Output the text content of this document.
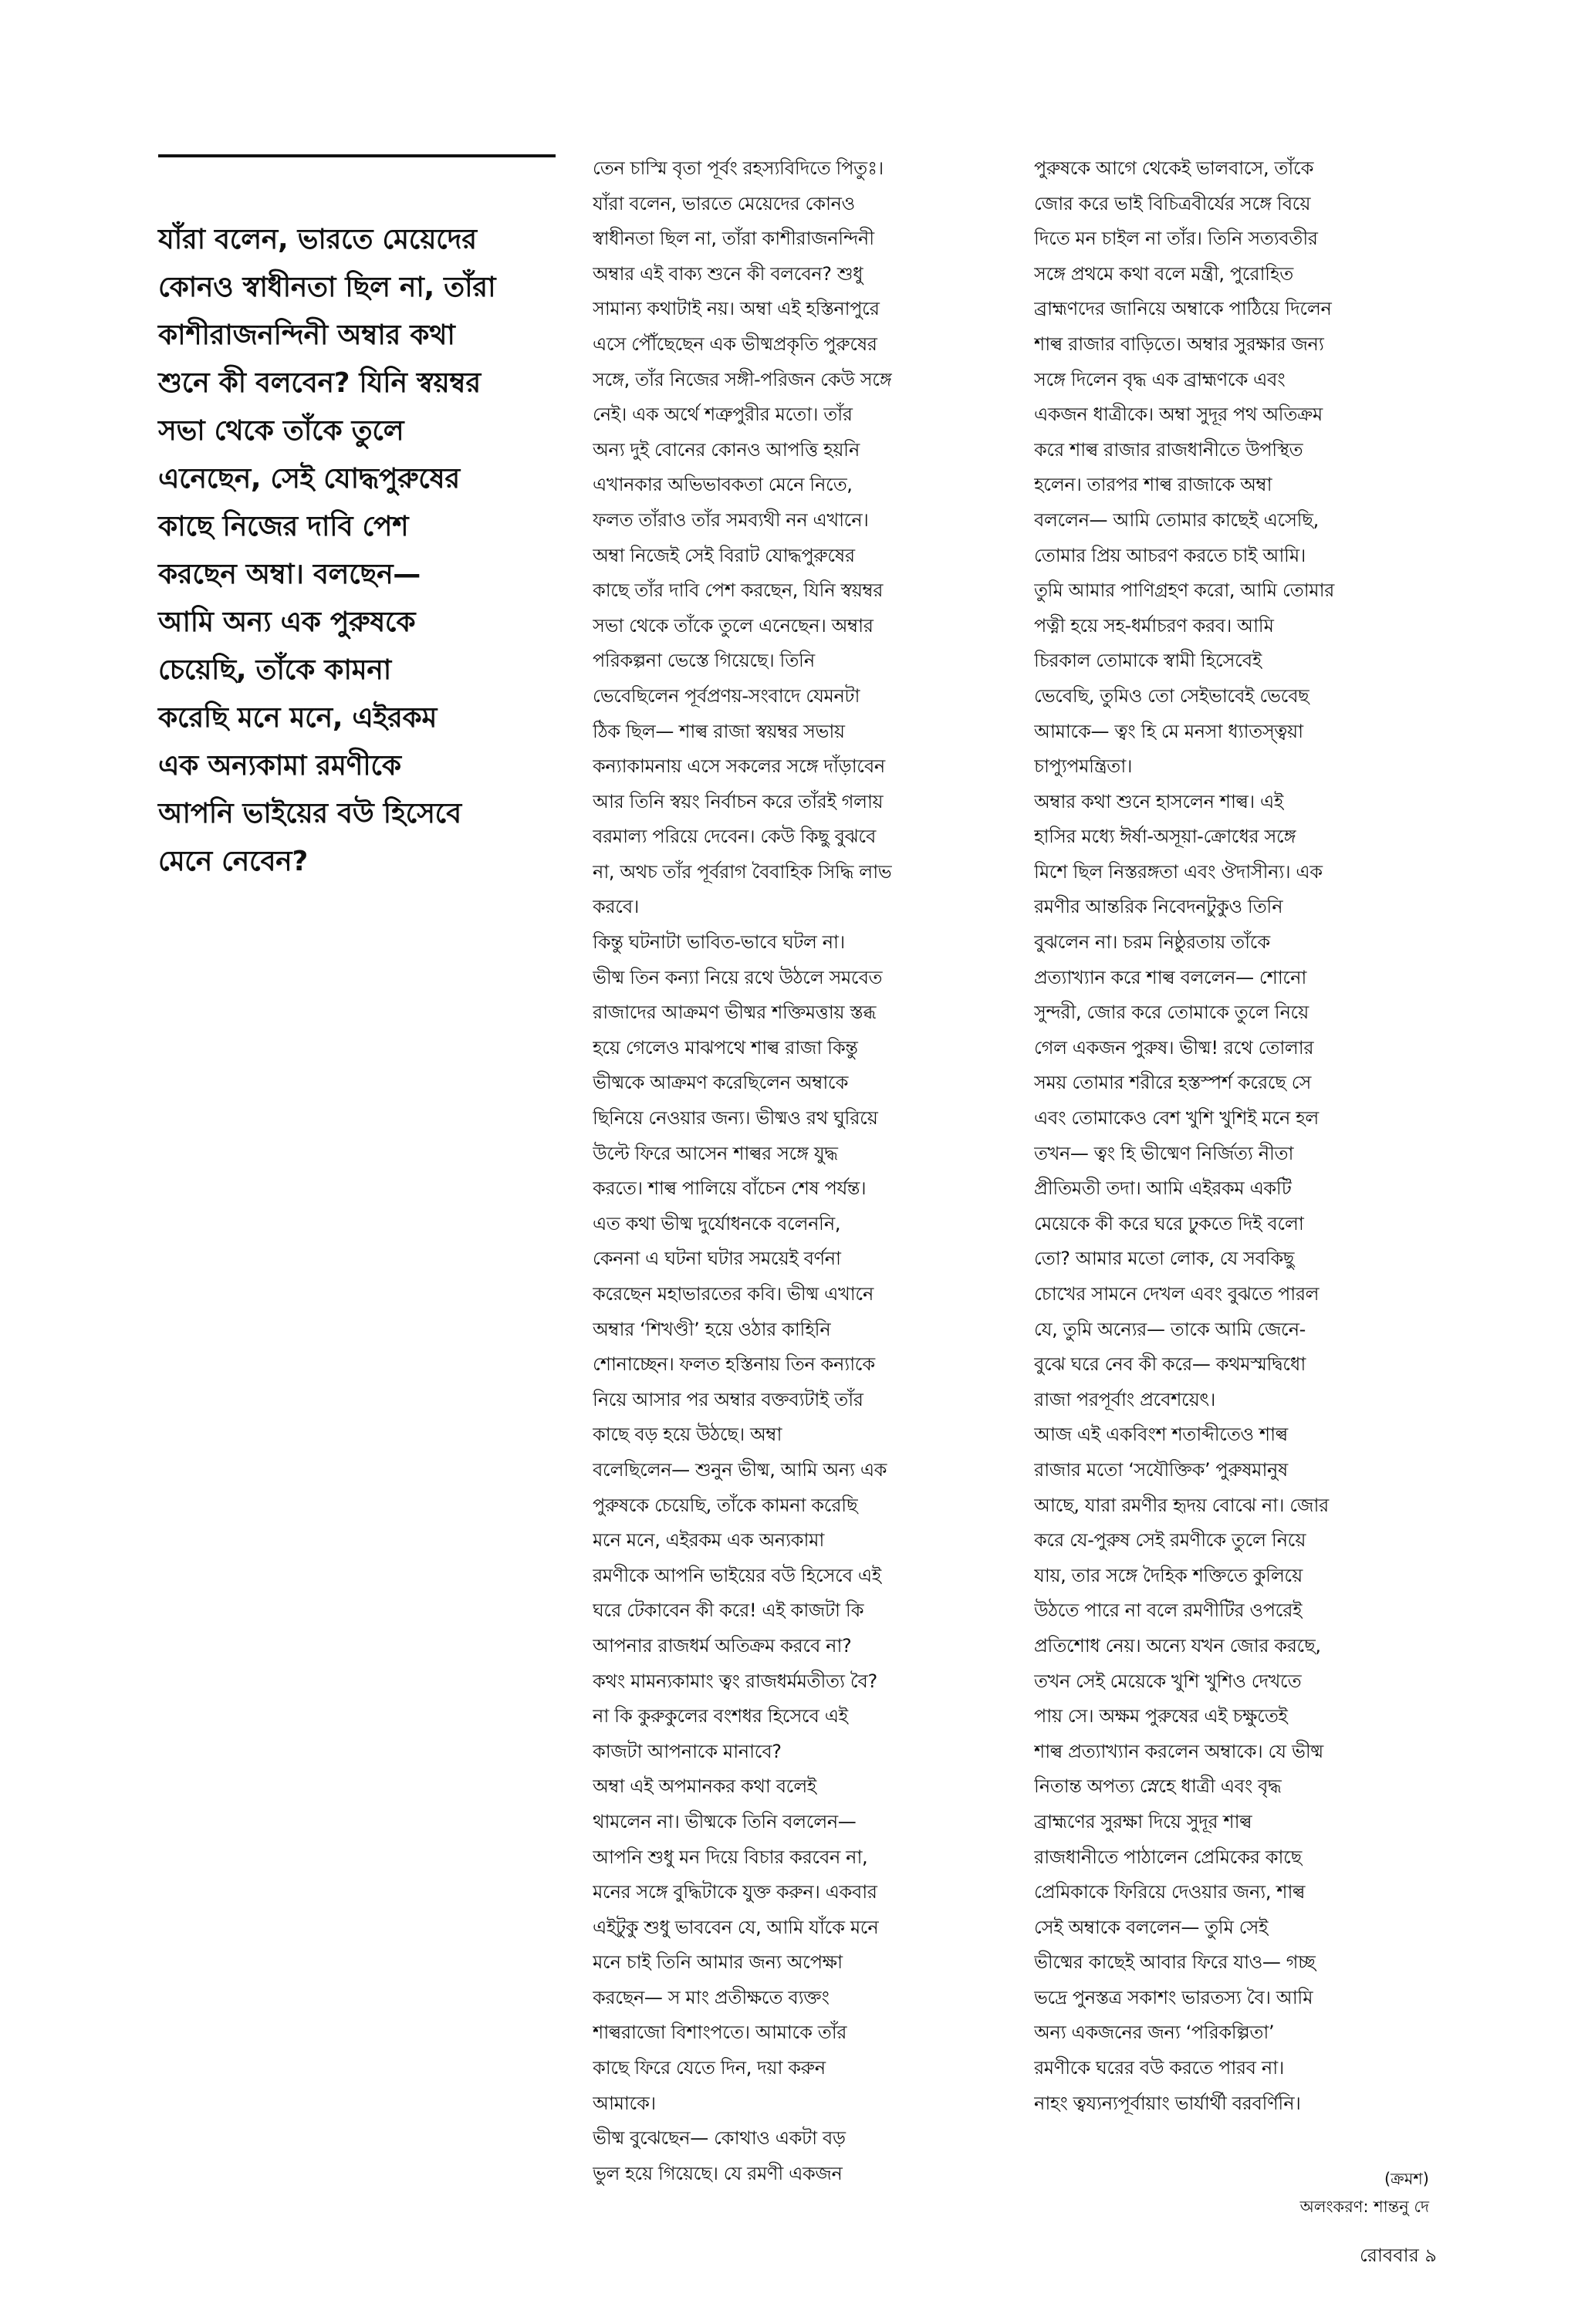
যাঁরা বলেন, ভারতে মেয়েদের
কোনও স্বাধীনতা ছিল না, তাঁরা
কাশীরাজনন্দিনী অম্বার কথা
শুনে কী বলবেন? যিনি স্বয়ম্বর
সভা থেকে তাঁকে তুলে
এনেছেন, সেই যোদ্ধপুরুষের
কাছে নিজের দাবি পেশ
করছেন অম্বা। বলছেন—
আমি অন্য এক পুরুষকে
চেয়েছি, তাঁকে কামনা
করেছি মনে মনে, এইরকম
এক অন্যকামা রমণীকে
আপনি ভাইয়ের বউ হিসেবে
মেনে নেবেন?
তেন চাস্মি বৃতা পূর্বং রহস্যবিদিতে পিতুঃ।
যাঁরা বলেন, ভারতে মেয়েদের কোনও
স্বাধীনতা ছিল না, তাঁরা কাশীরাজনন্দিনী
অম্বার এই বাক্য শুনে কী বলবেন? শুধু
সামান্য কথাটাই নয়। অম্বা এই হস্তিনাপুরে
এসে পৌঁছেছেন এক ভীষ্মপ্রকৃতি পুরুষের
সঙ্গে, তাঁর নিজের সঙ্গী-পরিজন কেউ সঙ্গে
নেই। এক অর্থে শত্রুপুরীর মতো। তাঁর
অন্য দুই বোনের কোনও আপত্তি হয়নি
এখানকার অভিভাবকতা মেনে নিতে,
ফলত তাঁরাও তাঁর সমব্যথী নন এখানে।
অম্বা নিজেই সেই বিরাট যোদ্ধপুরুষের
কাছে তাঁর দাবি পেশ করছেন, যিনি স্বয়ম্বর
সভা থেকে তাঁকে তুলে এনেছেন। অম্বার
পরিকল্পনা ভেস্তে গিয়েছে। তিনি
ভেবেছিলেন পূর্বপ্রণয়-সংবাদে যেমনটা
ঠিক ছিল— শাল্ব রাজা স্বয়ম্বর সভায়
কন্যাকামনায় এসে সকলের সঙ্গে দাঁড়াবেন
আর তিনি স্বয়ং নির্বাচন করে তাঁরই গলায়
বরমাল্য পরিয়ে দেবেন। কেউ কিছু বুঝবে
না, অথচ তাঁর পূর্বরাগ বৈবাহিক সিদ্ধি লাভ
করবে।
কিন্তু ঘটনাটা ভাবিত-ভাবে ঘটল না।
ভীষ্ম তিন কন্যা নিয়ে রথে উঠলে সমবেত
রাজাদের আক্রমণ ভীষ্মর শক্তিমত্তায় স্তব্ধ
হয়ে গেলেও মাঝপথে শাল্ব রাজা কিন্তু
ভীষ্মকে আক্রমণ করেছিলেন অম্বাকে
ছিনিয়ে নেওয়ার জন্য। ভীষ্মও রথ ঘুরিয়ে
উল্টে ফিরে আসেন শাল্বর সঙ্গে যুদ্ধ
করতে। শাল্ব পালিয়ে বাঁচেন শেষ পর্যন্ত।
এত কথা ভীষ্ম দুর্যোধনকে বলেননি,
কেননা এ ঘটনা ঘটার সময়েই বর্ণনা
করেছেন মহাভারতের কবি। ভীষ্ম এখানে
অম্বার ‘শিখণ্ডী’ হয়ে ওঠার কাহিনি
শোনাচ্ছেন। ফলত হস্তিনায় তিন কন্যাকে
নিয়ে আসার পর অম্বার বক্তব্যটাই তাঁর
কাছে বড় হয়ে উঠছে। অম্বা
বলেছিলেন— শুনুন ভীষ্ম, আমি অন্য এক
পুরুষকে চেয়েছি, তাঁকে কামনা করেছি
মনে মনে, এইরকম এক অন্যকামা
রমণীকে আপনি ভাইয়ের বউ হিসেবে এই
ঘরে টেকাবেন কী করে! এই কাজটা কি
আপনার রাজধর্ম অতিক্রম করবে না?
কথং মামন্যকামাং ত্বং রাজধর্মমতীত্য বৈ?
না কি কুরুকুলের বংশধর হিসেবে এই
কাজটা আপনাকে মানাবে?
অম্বা এই অপমানকর কথা বলেই
থামলেন না। ভীষ্মকে তিনি বললেন—
আপনি শুধু মন দিয়ে বিচার করবেন না,
মনের সঙ্গে বুদ্ধিটাকে যুক্ত করুন। একবার
এইটুকু শুধু ভাববেন যে, আমি যাঁকে মনে
মনে চাই তিনি আমার জন্য অপেক্ষা
করছেন— স মাং প্রতীক্ষতে ব্যক্তং
শাল্বরাজো বিশাংপতে। আমাকে তাঁর
কাছে ফিরে যেতে দিন, দয়া করুন
আমাকে।
ভীষ্ম বুঝেছেন— কোথাও একটা বড়
ভুল হয়ে গিয়েছে। যে রমণী একজন
পুরুষকে আগে থেকেই ভালবাসে, তাঁকে
জোর করে ভাই বিচিত্রবীর্যের সঙ্গে বিয়ে
দিতে মন চাইল না তাঁর। তিনি সত্যবতীর
সঙ্গে প্রথমে কথা বলে মন্ত্রী, পুরোহিত
ব্রাহ্মণদের জানিয়ে অম্বাকে পাঠিয়ে দিলেন
শাল্ব রাজার বাড়িতে। অম্বার সুরক্ষার জন্য
সঙ্গে দিলেন বৃদ্ধ এক ব্রাহ্মণকে এবং
একজন ধাত্রীকে। অম্বা সুদূর পথ অতিক্রম
করে শাল্ব রাজার রাজধানীতে উপস্থিত
হলেন। তারপর শাল্ব রাজাকে অম্বা
বললেন— আমি তোমার কাছেই এসেছি,
তোমার প্রিয় আচরণ করতে চাই আমি।
তুমি আমার পাণিগ্রহণ করো, আমি তোমার
পত্নী হয়ে সহ-ধর্মাচরণ করব। আমি
চিরকাল তোমাকে স্বামী হিসেবেই
ভেবেছি, তুমিও তো সেইভাবেই ভেবেছ
আমাকে— ত্বং হি মে মনসা ধ্যাতস্ত্বয়া
চাপ্যুপমন্ত্রিতা।
অম্বার কথা শুনে হাসলেন শাল্ব। এই
হাসির মধ্যে ঈর্ষা-অসূয়া-ক্রোধের সঙ্গে
মিশে ছিল নিস্তরঙ্গতা এবং ঔদাসীন্য। এক
রমণীর আন্তরিক নিবেদনটুকুও তিনি
বুঝলেন না। চরম নিষ্ঠুরতায় তাঁকে
প্রত্যাখ্যান করে শাল্ব বললেন— শোনো
সুন্দরী, জোর করে তোমাকে তুলে নিয়ে
গেল একজন পুরুষ। ভীষ্ম! রথে তোলার
সময় তোমার শরীরে হস্তস্পর্শ করেছে সে
এবং তোমাকেও বেশ খুশি খুশিই মনে হল
তখন— ত্বং হি ভীষ্মেণ নির্জিত্য নীতা
প্রীতিমতী তদা। আমি এইরকম একটি
মেয়েকে কী করে ঘরে ঢুকতে দিই বলো
তো? আমার মতো লোক, যে সবকিছু
চোখের সামনে দেখল এবং বুঝতে পারল
যে, তুমি অন্যের— তাকে আমি জেনে-
বুঝে ঘরে নেব কী করে— কথমস্মদ্বিধো
রাজা পরপূর্বাং প্রবেশয়েৎ।
আজ এই একবিংশ শতাব্দীতেও শাল্ব
রাজার মতো ‘সযৌক্তিক’ পুরুষমানুষ
আছে, যারা রমণীর হৃদয় বোঝে না। জোর
করে যে-পুরুষ সেই রমণীকে তুলে নিয়ে
যায়, তার সঙ্গে দৈহিক শক্তিতে কুলিয়ে
উঠতে পারে না বলে রমণীটির ওপরেই
প্রতিশোধ নেয়। অন্যে যখন জোর করছে,
তখন সেই মেয়েকে খুশি খুশিও দেখতে
পায় সে। অক্ষম পুরুষের এই চক্ষুতেই
শাল্ব প্রত্যাখ্যান করলেন অম্বাকে। যে ভীষ্ম
নিতান্ত অপত্য স্নেহে ধাত্রী এবং বৃদ্ধ
ব্রাহ্মণের সুরক্ষা দিয়ে সুদূর শাল্ব
রাজধানীতে পাঠালেন প্রেমিকের কাছে
প্রেমিকাকে ফিরিয়ে দেওয়ার জন্য, শাল্ব
সেই অম্বাকে বললেন— তুমি সেই
ভীষ্মের কাছেই আবার ফিরে যাও— গচ্ছ
ভদ্রে পুনস্তত্র সকাশং ভারতস্য বৈ। আমি
অন্য একজনের জন্য ‘পরিকল্পিতা’
রমণীকে ঘরের বউ করতে পারব না।
নাহং ত্বয্যন্যপূর্বায়াং ভার্যার্থী বরবর্ণিনি।
(ক্রমশ)
অলংকরণ: শান্তনু দে
রোববার ৯
